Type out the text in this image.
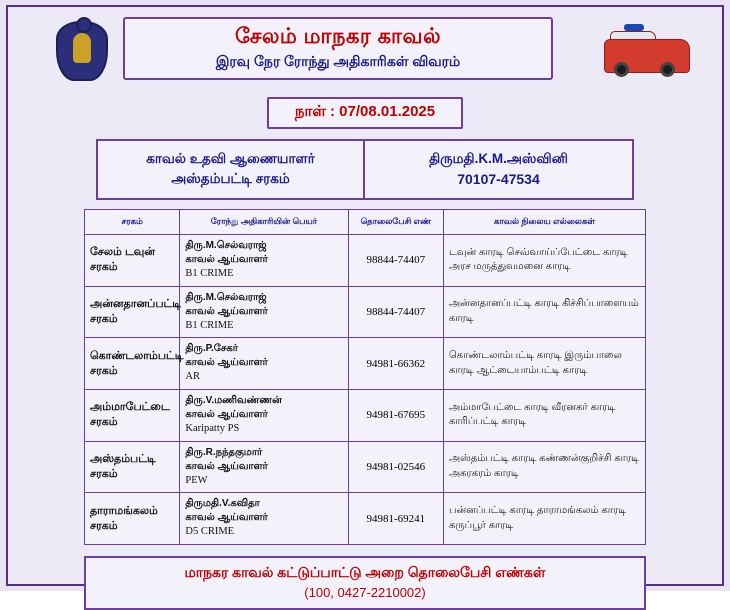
சேலம் மாநகர காவல்
இரவு நேர ரோந்து அதிகாரிகள் விவரம்
நாள் : 07/08.01.2025
காவல் உதவி ஆணையாளர்
அஸ்தம்பட்டி சரகம்
திருமதி.K.M.அஸ்வினி
70107-47534
சரகம்	ரோந்து அதிகாரியின் பெயர்	தொலைபேசி எண்	காவல் நிலைய எல்லைகள்
சேலம் டவுன் சரகம்	திரு.M.செல்வராஜ்
காவல் ஆய்வாளர்
B1 CRIME	98844-74407	டவுன் காரடி செவ்வாய்ப்பேட்டை காரடி அரச மருத்துவமனை காரடி
அன்னதானப்பட்டி சரகம்	திரு.M.செல்வராஜ்
காவல் ஆய்வாளர்
B1 CRIME	98844-74407	அன்னதானப்பட்டி காரடி கிச்சிப்பாளையம் காரடி
கொண்டலாம்பட்டி சரகம்	திரு.P.சேகர்
காவல் ஆய்வாளர்
AR	94981-66362	கொண்டலாம்பட்டி காரடி இரும்பாலை காரடி ஆட்டையாம்பட்டி காரடி
அம்மாபேட்டை சரகம்	திரு.V.மணிவண்ணன்
காவல் ஆய்வாளர்
Karipatty PS	94981-67695	அம்மாபேட்டை காரடி வீரனகர் காரடி காரிப்பட்டி காரடி
அஸ்தம்பட்டி சரகம்	திரு.R.நந்தகுமார்
காவல் ஆய்வாளர்
PEW	94981-02546	அஸ்தம்பட்டி காரடி கண்ணன்குறிச்சி காரடி அகரகரம் காரடி
தாராமங்கலம் சரகம்	திருமதி.V.கவிதா
காவல் ஆய்வாளர்
D5 CRIME	94981-69241	பன்னப்பட்டி காரடி தாராமங்கலம் காரடி கருப்பூர் காரடி
மாநகர காவல் கட்டுப்பாட்டு அறை தொலைபேசி எண்கள்
(100, 0427-2210002)
